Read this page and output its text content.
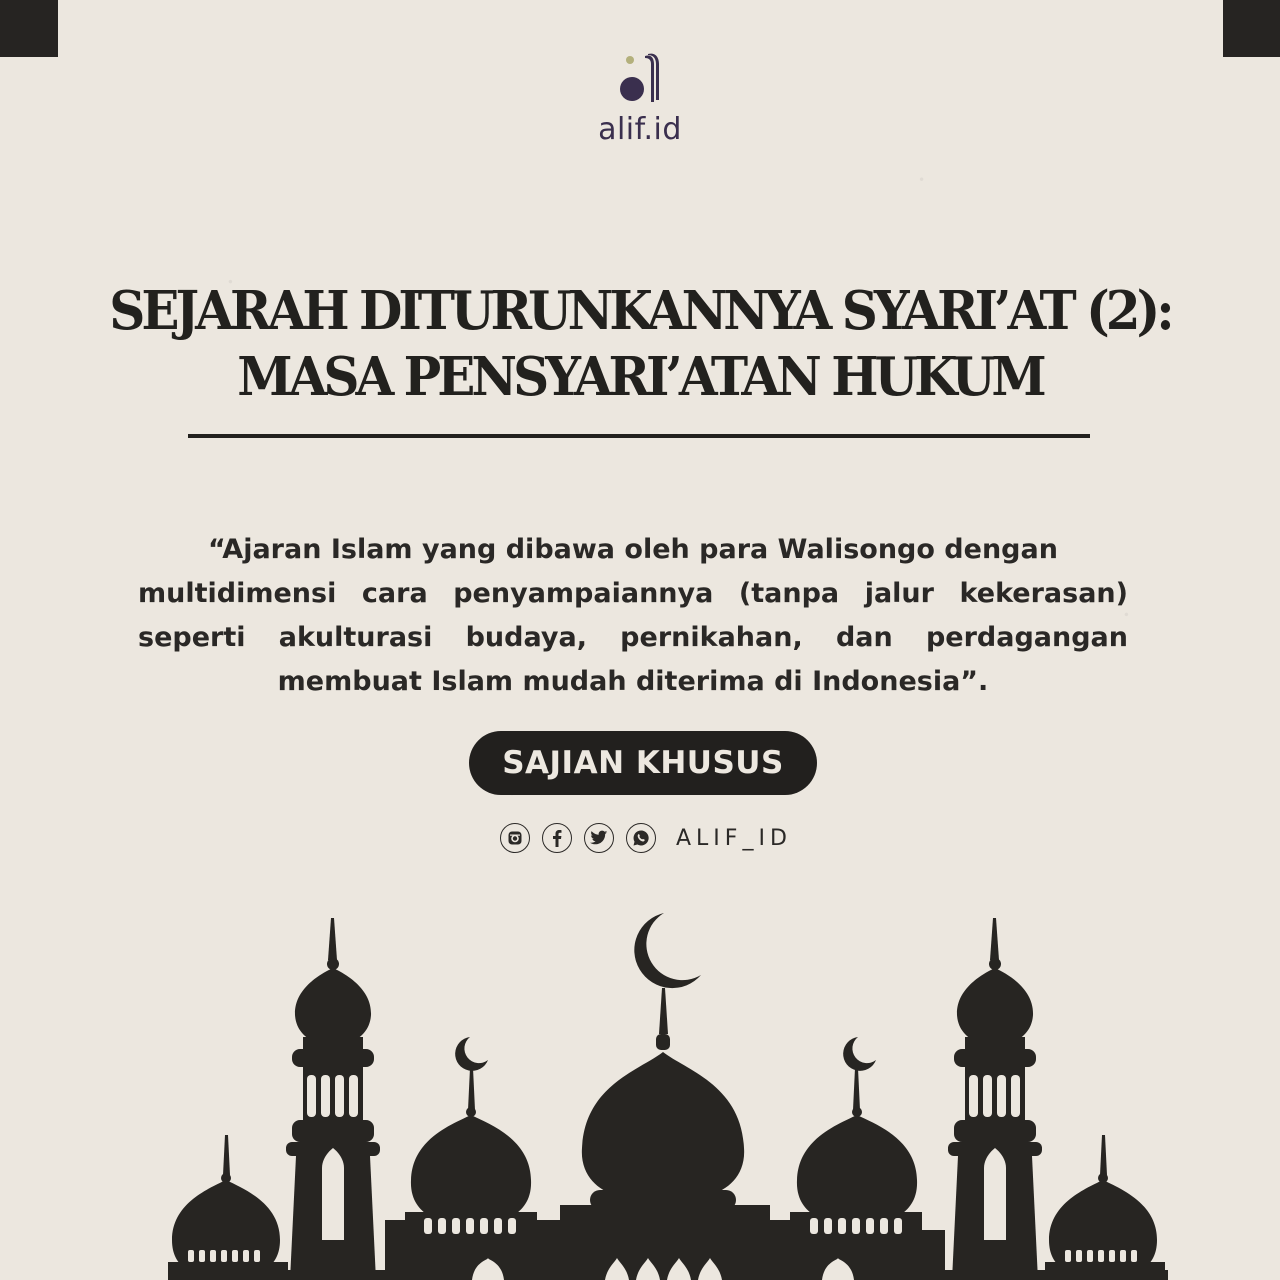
alif.id
SEJARAH DITURUNKANNYA SYARI’AT (2):
MASA PENSYARI’ATAN HUKUM
“Ajaran Islam yang dibawa oleh para Walisongo dengan
multidimensi cara penyampaiannya (tanpa jalur kekerasan)
seperti akulturasi budaya, pernikahan, dan perdagangan
membuat Islam mudah diterima di Indonesia”.
SAJIAN KHUSUS
ALIF_ID
